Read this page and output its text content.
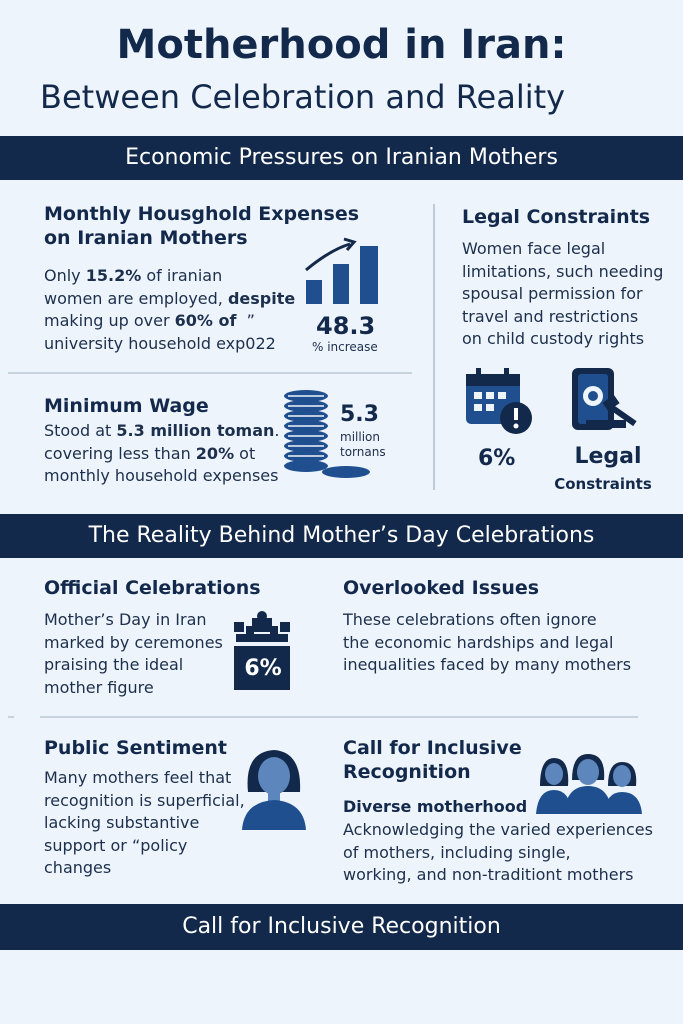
Motherhood in Iran:
Between Celebration and Reality
Economic Pressures on Iranian Mothers
Monthly Housghold Expenses
on Iranian Mothers
Only 15.2% of iranian
women are employed, despite
making up over 60% of ”
university household exp022
48.3
% increase
Minimum Wage
Stood at 5.3 million toman.
covering less than 20% ot
monthly household expenses
5.3
million
tornans
Legal Constraints
Women face legal
limitations, such needing
spousal permission for
travel and restrictions
on child custody rights
6%	Legal
Constraints
The Reality Behind Mother’s Day Celebrations
Official Celebrations
Mother’s Day in Iran
marked by ceremones
praising the ideal
mother figure
6%
Overlooked Issues
These celebrations often ignore
the economic hardships and legal
inequalities faced by many mothers
Public Sentiment
Many mothers feel that
recognition is superficial,
lacking substantive
support or “policy
changes
Call for Inclusive
Recognition
Diverse motherhood
Acknowledging the varied experiences
of mothers, including single,
working, and non-traditiont mothers
Call for Inclusive Recognition
